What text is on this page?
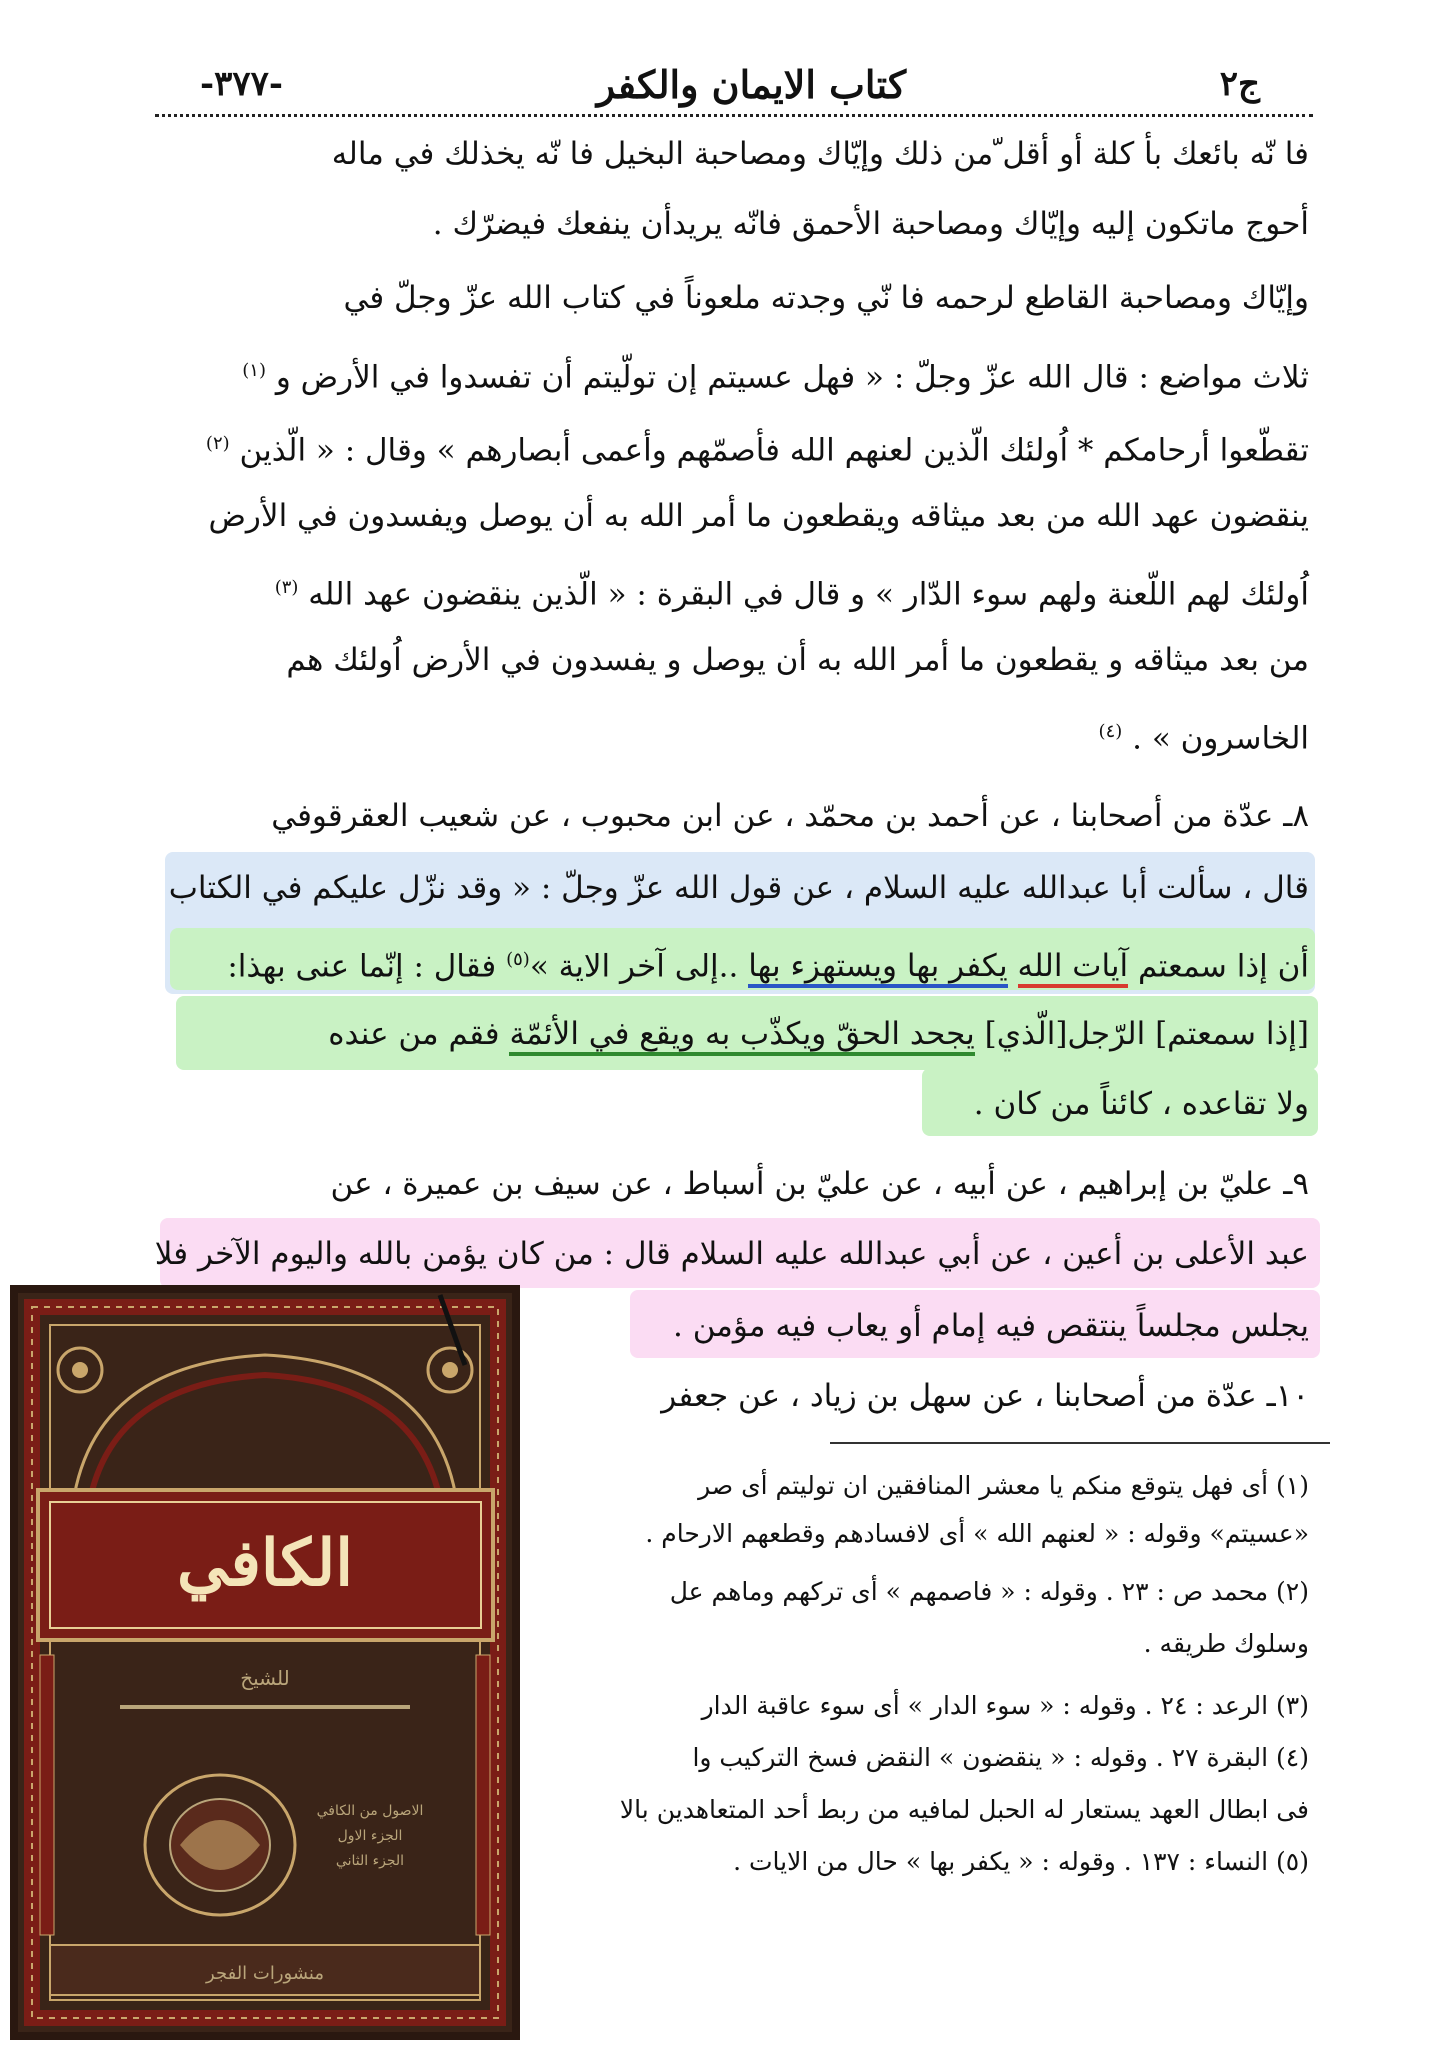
-٣٧٧-	كتاب الايمان والكفر	ج٢
فا نّه بائعك بأ كلة أو أقل ّمن ذلك وإيّاك ومصاحبة البخيل فا نّه يخذلك في ماله
أحوج ماتكون إليه وإيّاك ومصاحبة الأحمق فانّه يريدأن ينفعك فيضرّك .
وإيّاك ومصاحبة القاطع لرحمه فا نّي وجدته ملعوناً في كتاب الله عزّ وجلّ في
ثلاث مواضع : قال الله عزّ وجلّ : « فهل عسيتم إن تولّيتم أن تفسدوا في الأرض و $^{(١)}$
تقطّعوا أرحامكم * اُولئك الّذين لعنهم الله فأصمّهم وأعمى أبصارهم » وقال : « الّذين $^{(٢)}$
ينقضون عهد الله من بعد ميثاقه ويقطعون ما أمر الله به أن يوصل ويفسدون في الأرض
اُولئك لهم اللّعنة ولهم سوء الدّار » و قال في البقرة : « الّذين ينقضون عهد الله $^{(٣)}$
من بعد ميثاقه و يقطعون ما أمر الله به أن يوصل و يفسدون في الأرض اُولئك هم
الخاسرون » . $^{(٤)}$
٨ـ عدّة من أصحابنا ، عن أحمد بن محمّد ، عن ابن محبوب ، عن شعيب العقرقوفي
قال ، سألت أبا عبدالله عليه السلام ، عن قول الله عزّ وجلّ : « وقد نزّل عليكم في الكتاب
أن إذا سمعتم آيات الله يكفر بها ويستهزء بها ..إلى آخر الاية »$^{(٥)}$ فقال : إنّما عنى بهذا:
[إذا سمعتم] الرّجل[الّذي] يجحد الحقّ ويكذّب به ويقع في الأئمّة فقم من عنده
ولا تقاعده ، كائناً من كان .
٩ـ عليّ بن إبراهيم ، عن أبيه ، عن عليّ بن أسباط ، عن سيف بن عميرة ، عن
عبد الأعلى بن أعين ، عن أبي عبدالله عليه السلام قال : من كان يؤمن بالله واليوم الآخر فلا
يجلس مجلساً ينتقص فيه إمام أو يعاب فيه مؤمن .
١٠ـ عدّة من أصحابنا ، عن سهل بن زياد ، عن جعفر
(١) أى فهل يتوقع منكم يا معشر المنافقين ان توليتم أى صر
«عسيتم» وقوله : « لعنهم الله » أى لافسادهم وقطعهم الارحام .
(٢) محمد ص : ٢٣ . وقوله : « فاصمهم » أى تركهم وماهم عل
وسلوك طريقه .
(٣) الرعد : ٢٤ . وقوله : « سوء الدار » أى سوء عاقبة الدار
(٤) البقرة ٢٧ . وقوله : « ينقضون » النقض فسخ التركيب وا
فى ابطال العهد يستعار له الحبل لمافيه من ربط أحد المتعاهدين بالا
(٥) النساء : ١٣٧ . وقوله : « يكفر بها » حال من الايات .
الكافي
للشيخ
الاصول من الكافي
الجزء الاول
الجزء الثاني
منشورات الفجر
